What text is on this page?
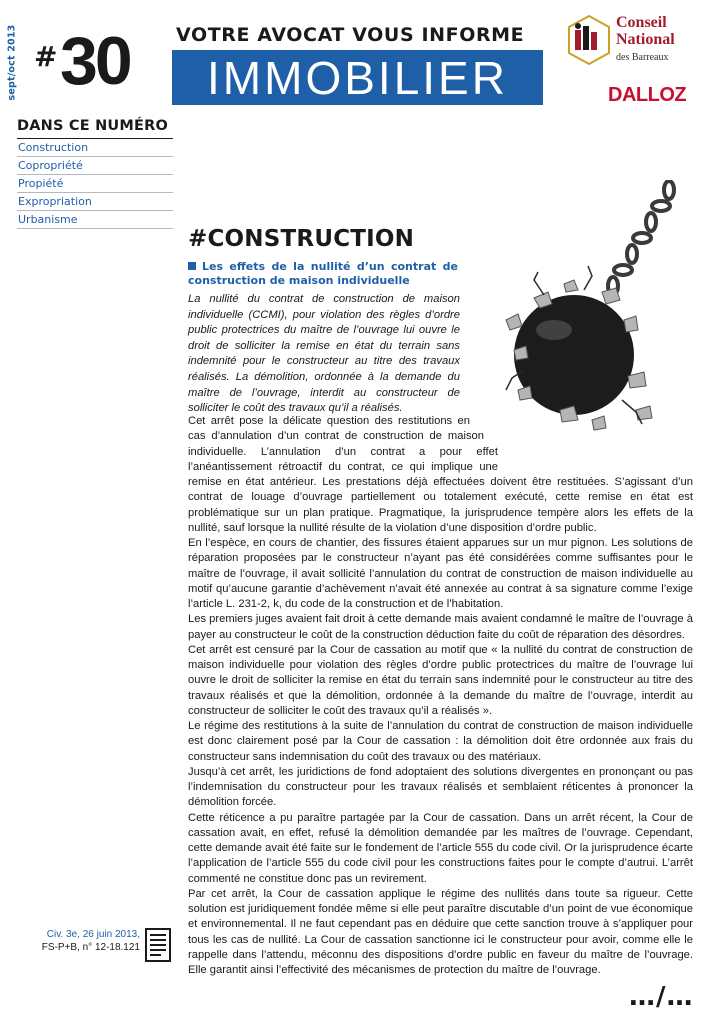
sept/oct 2013 # 30 VOTRE AVOCAT VOUS INFORME
IMMOBILIER
Conseil
National
des Barreaux
DALLOZ
DANS CE NUMÉRO
Construction
Copropriété
Propiété
Expropriation
Urbanisme
#CONSTRUCTION
Les effets de la nullité d’un contrat de construction de maison individuelle
La nullité du contrat de construction de maison individuelle (CCMI), pour violation des règles d’ordre public protectrices du maître de l’ouvrage lui ouvre le droit de solliciter la remise en état du terrain sans indemnité pour le constructeur au titre des travaux réalisés. La démolition, ordonnée à la demande du maître de l’ouvrage, interdit au constructeur de solliciter le coût des travaux qu’il a réalisés.

Cet arrêt pose la délicate question des restitutions en
cas d’annulation d’un contrat de construction de maison
individuelle. L’annulation d’un contrat a pour effet
l’anéantissement rétroactif du contrat, ce qui implique une
remise en état antérieur. Les prestations déjà effectuées doivent être restituées. S’agissant d’un contrat de louage d’ouvrage partiellement ou totalement exécuté, cette remise en état est problématique sur un plan pratique. Pragmatique, la jurisprudence tempère alors les effets de la nullité, sauf lorsque la nullité résulte de la violation d’une disposition d’ordre public.

En l’espèce, en cours de chantier, des fissures étaient apparues sur un mur pignon. Les solutions de réparation proposées par le constructeur n’ayant pas été considérées comme suffisantes pour le maître de l’ouvrage, il avait sollicité l’annulation du contrat de construction de maison individuelle au motif qu’aucune garantie d’achèvement n’avait été annexée au contrat à sa signature comme l’exige l’article L. 231-2, k, du code de la construction et de l’habitation.

Les premiers juges avaient fait droit à cette demande mais avaient condamné le maître de l’ouvrage à payer au constructeur le coût de la construction déduction faite du coût de réparation des désordres.

Cet arrêt est censuré par la Cour de cassation au motif que « la nullité du contrat de construction de maison individuelle pour violation des règles d’ordre public protectrices du maître de l’ouvrage lui ouvre le droit de solliciter la remise en état du terrain sans indemnité pour le constructeur au titre des travaux réalisés et que la démolition, ordonnée à la demande du maître de l’ouvrage, interdit au constructeur de solliciter le coût des travaux qu’il a réalisés ».

Le régime des restitutions à la suite de l’annulation du contrat de construction de maison individuelle est donc clairement posé par la Cour de cassation : la démolition doit être ordonnée aux frais du constructeur sans indemnisation du coût des travaux ou des matériaux.

Jusqu’à cet arrêt, les juridictions de fond adoptaient des solutions divergentes en prononçant ou pas l’indemnisation du constructeur pour les travaux réalisés et semblaient réticentes à prononcer la démolition forcée.

Cette réticence a pu paraître partagée par la Cour de cassation. Dans un arrêt récent, la Cour de cassation avait, en effet, refusé la démolition demandée par les maîtres de l’ouvrage. Cependant, cette demande avait été faite sur le fondement de l’article 555 du code civil. Or la jurisprudence écarte l’application de l’article 555 du code civil pour les constructions faites pour le compte d’autrui. L’arrêt commenté ne constitue donc pas un revirement.

Par cet arrêt, la Cour de cassation applique le régime des nullités dans toute sa rigueur. Cette solution est juridiquement fondée même si elle peut paraître discutable d’un point de vue économique et environnemental. Il ne faut cependant pas en déduire que cette sanction trouve à s’appliquer pour tous les cas de nullité. La Cour de cassation sanctionne ici le constructeur pour avoir, comme elle le rappelle dans l’attendu, méconnu des dispositions d’ordre public en faveur du maître de l’ouvrage. Elle garantit ainsi l’effectivité des mécanismes de protection du maître de l’ouvrage.

Civ. 3e, 26 juin 2013,
FS-P+B, n° 12-18.121
…/…
